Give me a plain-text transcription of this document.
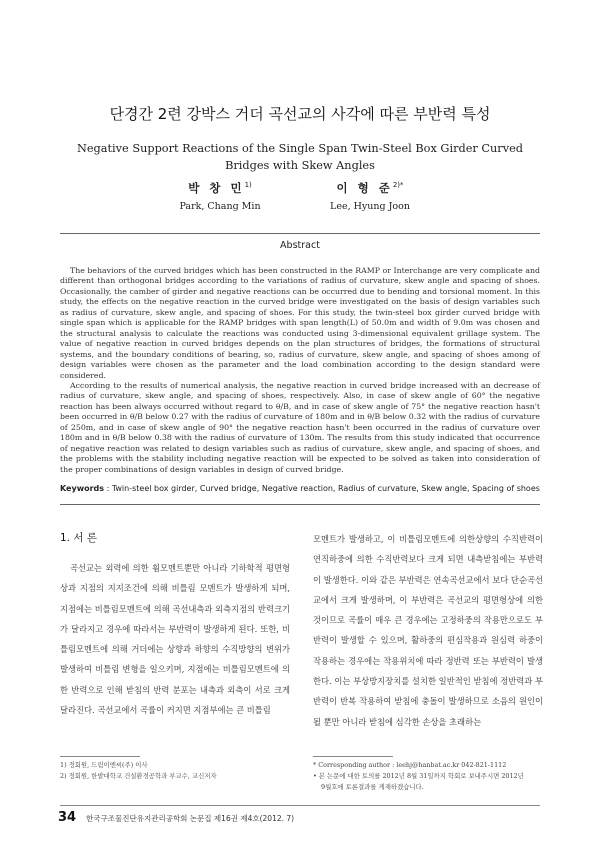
단경간 2련 강박스 거더 곡선교의 사각에 따른 부반력 특성
Negative Support Reactions of the Single Span Twin-Steel Box Girder Curved
Bridges with Skew Angles
박 창 민$^{1)}$
Park, Chang Min
이 형 준$^{2)*}$
Lee, Hyung Joon
Abstract

The behaviors of the curved bridges which has been constructed in the RAMP or Interchange are very complicate and different than orthogonal bridges according to the variations of radius of curvature, skew angle and spacing of shoes. Occasionally, the camber of girder and negative reactions can be occurred due to bending and torsional moment. In this study, the effects on the negative reaction in the curved bridge were investigated on the basis of design variables such as radius of curvature, skew angle, and spacing of shoes. For this study, the twin-steel box girder curved bridge with single span which is applicable for the RAMP bridges with span length(L) of 50.0m and width of 9.0m was chosen and the structural analysis to calculate the reactions was conducted using 3-dimensional equivalent grillage system. The value of negative reaction in curved bridges depends on the plan structures of bridges, the formations of structural systems, and the boundary conditions of bearing, so, radius of curvature, skew angle, and spacing of shoes among of design variables were chosen as the parameter and the load combination according to the design standard were considered.

According to the results of numerical analysis, the negative reaction in curved bridge increased with an decrease of radius of curvature, skew angle, and spacing of shoes, respectively. Also, in case of skew angle of 60° the negative reaction has been always occurred without regard to θ/B, and in case of skew angle of 75° the negative reaction hasn't been occurred in θ/B below 0.27 with the radius of curvature of 180m and in θ/B below 0.32 with the radius of curvature of 250m, and in case of skew angle of 90° the negative reaction hasn't been occurred in the radius of curvature over 180m and in θ/B below 0.38 with the radius of curvature of 130m. The results from this study indicated that occurrence of negative reaction was related to design variables such as radius of curvature, skew angle, and spacing of shoes, and the problems with the stability including negative reaction will be expected to be solved as taken into consideration of the proper combinations of design variables in design of curved bridge.

Keywords : Twin-steel box girder, Curved bridge, Negative reaction, Radius of curvature, Skew angle, Spacing of shoes
1. 서 론

곡선교는 외력에 의한 휨모멘트뿐만 아니라 기하학적 평면형상과 지점의 지지조건에 의해 비틀림 모멘트가 발생하게 되며, 지점에는 비틀림모멘트에 의해 곡선내측과 외측지점의 반력크기가 달라지고 경우에 따라서는 부반력이 발생하게 된다. 또한, 비틀림모멘트에 의해 거더에는 상향과 하향의 수직방향의 변위가 발생하여 비틀림 변형을 일으키며, 지점에는 비틀림모멘트에 의한 반력으로 인해 받침의 반력 분포는 내측과 외측이 서로 크게 달라진다. 곡선교에서 곡률이 커지면 지점부에는 큰 비틀림

모멘트가 발생하고, 이 비틀림모멘트에 의한상향의 수직반력이 연직하중에 의한 수직반력보다 크게 되면 내측받침에는 부반력이 발생한다. 이와 같은 부반력은 연속곡선교에서 보다 단순곡선교에서 크게 발생하며, 이 부반력은 곡선교의 평면형상에 의한 것이므로 곡률이 매우 큰 경우에는 고정하중의 작용만으로도 부반력이 발생할 수 있으며, 활하중의 편심작용과 원심력 하중이 작용하는 경우에는 작용위치에 따라 정반력 또는 부반력이 발생한다. 이는 부상방지장치를 설치한 일반적인 받침에 정반력과 부반력이 반복 작용하여 받침에 충돌이 발생하므로 소음의 원인이 될 뿐만 아니라 받침에 심각한 손상을 초래하는

1) 정회원, 드림이엔씨(주) 이사
2) 정회원, 한밭대학교 건설환경공학과 부교수, 교신저자
* Corresponding author : leehj@hanbat.ac.kr 042-821-1112
• 본 논문에 대한 토의를 2012년 8월 31일까지 학회로 보내주시면 2012년
9월호에 토론결과를 게재하겠습니다.
34 한국구조물진단유지관리공학회 논문집 제16권 제4호(2012. 7)
